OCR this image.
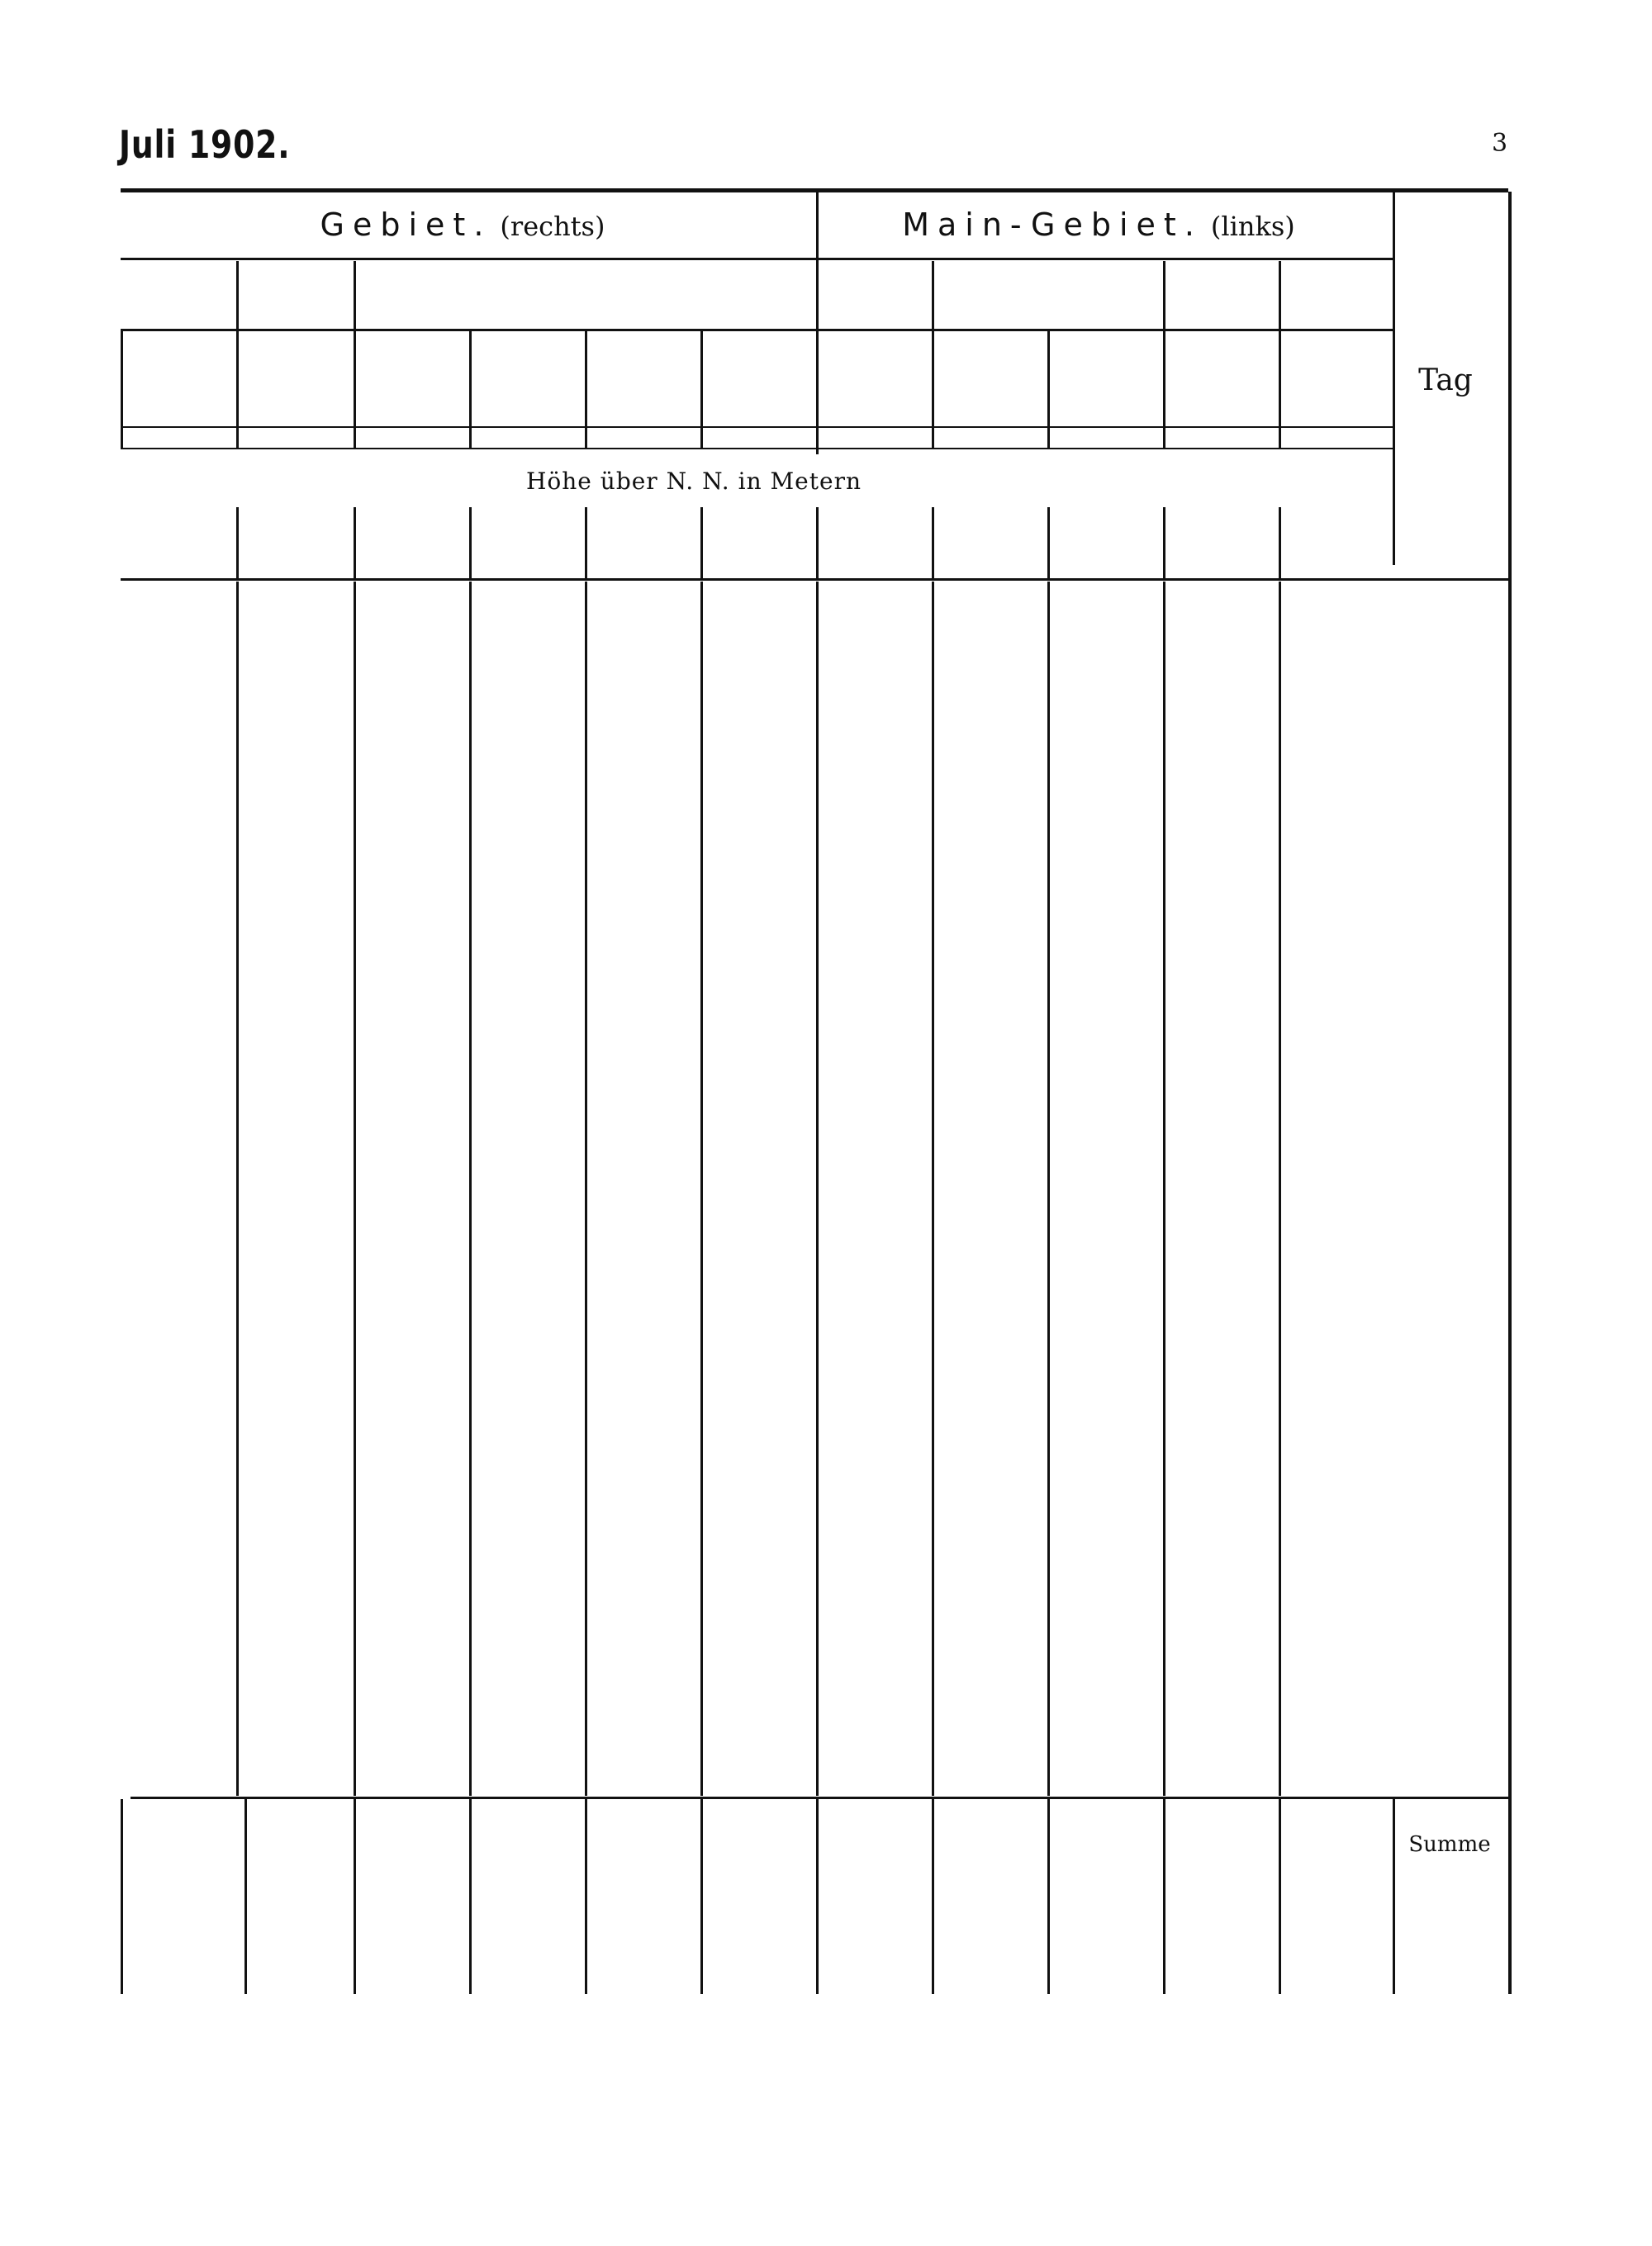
Juli 1902.	3
Gebiet. (rechts)	Main-Gebiet. (links)
Tag
Höhe über N. N. in Metern
Summe
